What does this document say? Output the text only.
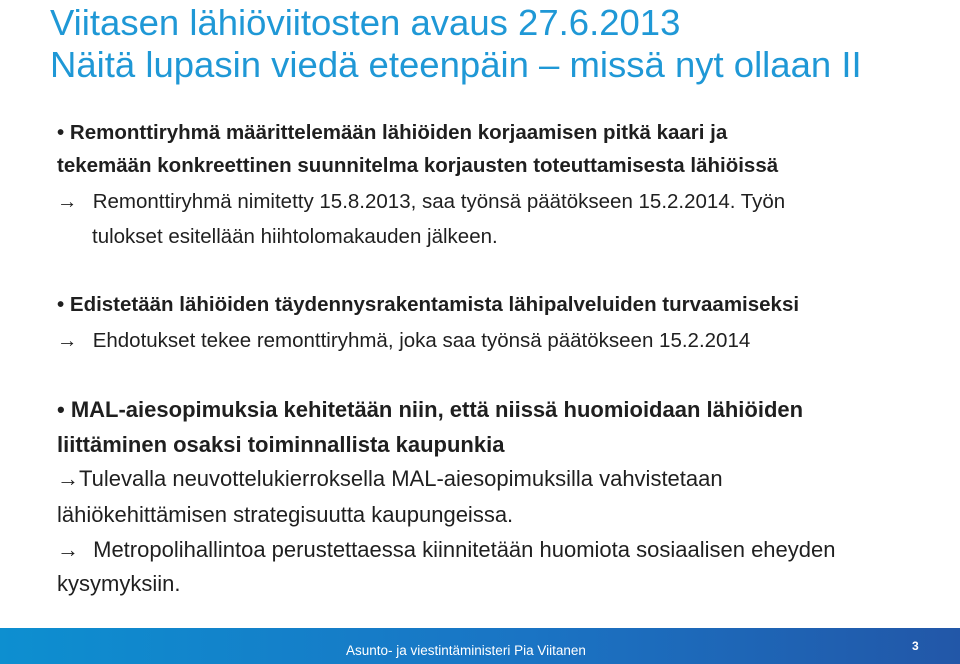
Viitasen lähiöviitosten avaus 27.6.2013
Näitä lupasin viedä eteenpäin – missä nyt ollaan II
• Remonttiryhmä määrittelemään lähiöiden korjaamisen pitkä kaari ja
tekemään konkreettinen suunnitelma korjausten toteuttamisesta lähiöissä
→ Remonttiryhmä nimitetty 15.8.2013, saa työnsä päätökseen 15.2.2014. Työn
tulokset esitellään hiihtolomakauden jälkeen.
• Edistetään lähiöiden täydennysrakentamista lähipalveluiden turvaamiseksi
→ Ehdotukset tekee remonttiryhmä, joka saa työnsä päätökseen 15.2.2014
• MAL-aiesopimuksia kehitetään niin, että niissä huomioidaan lähiöiden
liittäminen osaksi toiminnallista kaupunkia
→Tulevalla neuvottelukierroksella MAL-aiesopimuksilla vahvistetaan
lähiökehittämisen strategisuutta kaupungeissa.
→ Metropolihallintoa perustettaessa kiinnitetään huomiota sosiaalisen eheyden
kysymyksiin.
Asunto- ja viestintäministeri Pia Viitanen	3
